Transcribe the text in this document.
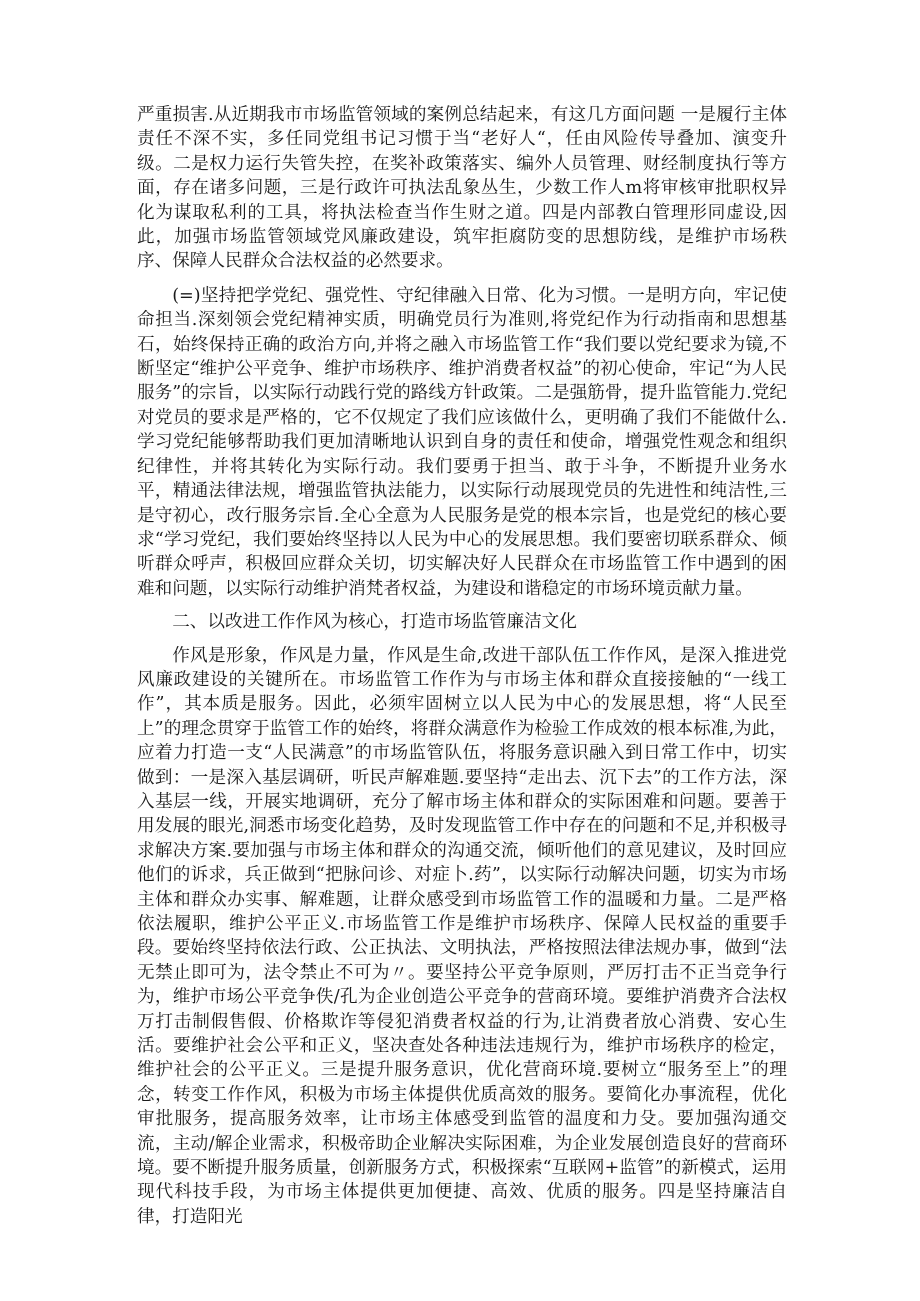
严重损害.从近期我市市场监管领域的案例总结起来，有这几方面问题 一是履行主体责任不深不实，多任同党组书记习惯于当“老好人“，任由风险传导叠加、演变升级。二是权力运行失管失控，在奖补政策落实、编外人员管理、财经制度执行等方面，存在诸多问题，三是行政许可执法乱象丛生，少数工作人m将审核审批职权异化为谋取私利的工具，将执法检查当作生财之道。四是内部教白管理形同虚设,因此，加强市场监管领域党风廉政建设，筑牢拒腐防变的思想防线，是维护市场秩序、保障人民群众合法权益的必然要求。

(=)坚持把学党纪、强党性、守纪律融入日常、化为习惯。一是明方向，牢记使命担当.深刻领会党纪精神实质，明确党员行为准则,将党纪作为行动指南和思想基石，始终保持正确的政治方向,并将之融入市场监管工作“我们要以党纪要求为镜,不断坚定“维护公平竞争、维护市场秩序、维护消费者权益”的初心使命，牢记“为人民服务”的宗旨，以实际行动践行党的路线方针政策。二是强筋骨，提升监管能力.党纪对党员的要求是严格的，它不仅规定了我们应该做什么，更明确了我们不能做什么.学习党纪能够帮助我们更加清晰地认识到自身的责任和使命，增强党性观念和组织纪律性，并将其转化为实际行动。我们要勇于担当、敢于斗争，不断提升业务水平，精通法律法规，增强监管执法能力，以实际行动展现党员的先进性和纯洁性,三是守初心，改行服务宗旨.全心全意为人民服务是党的根本宗旨，也是党纪的核心要求“学习党纪，我们要始终坚持以人民为中心的发展思想。我们要密切联系群众、倾听群众呼声，积极回应群众关切，切实解决好人民群众在市场监管工作中遇到的困难和问题，以实际行动维护消梵者权益，为建设和谐稳定的市场环境贡献力量。

二、以改进工作作风为核心，打造市场监管廉洁文化

作风是形象，作风是力量，作风是生命,改进干部队伍工作作风，是深入推进党风廉政建设的关键所在。市场监管工作作为与市场主体和群众直接接触的“一线工作”，其本质是服务。因此，必须牢固树立以人民为中心的发展思想，将“人民至上”的理念贯穿于监管工作的始终，将群众满意作为检验工作成效的根本标准,为此，应着力打造一支“人民满意”的市场监管队伍，将服务意识融入到日常工作中，切实做到：一是深入基层调研，听民声解难题.要坚持“走出去、沉下去”的工作方法，深入基层一线，开展实地调研，充分了解市场主体和群众的实际困难和问题。要善于用发展的眼光,洞悉市场变化趋势，及时发现监管工作中存在的问题和不足,并积极寻求解决方案.要加强与市场主体和群众的沟通交流，倾听他们的意见建议，及时回应他们的诉求，兵正做到“把脉问诊、对症卜.药”，以实际行动解决问题，切实为市场主体和群众办实事、解难题，让群众感受到市场监管工作的温暖和力量。二是严格依法履职，维护公平正义.市场监管工作是维护市场秩序、保障人民权益的重要手段。要始终坚持依法行政、公正执法、文明执法，严格按照法律法规办事，做到“法无禁止即可为，法令禁止不可为〃。要坚持公平竞争原则，严厉打击不正当竞争行为，维护市场公平竞争佚/孔为企业创造公平竞争的营商环境。要维护消费齐合法权万打击制假售假、价格欺诈等侵犯消费者权益的行为,让消费者放心消费、安心生活。要维护社会公平和正义，坚决查处各种违法违规行为，维护市场秩序的检定，维护社会的公平正义。三是提升服务意识，优化营商环境.要树立“服务至上”的理念，转变工作作风，积极为市场主体提供优质高效的服务。要简化办事流程，优化审批服务，提高服务效率，让市场主体感受到监管的温度和力殳。要加强沟通交流，主动/解企业需求，积极帝助企业解决实际困难，为企业发展创造良好的营商环境。要不断提升服务质量，创新服务方式，积极探索“互联网+监管”的新模式，运用现代科技手段，为市场主体提供更加便捷、高效、优质的服务。四是坚持廉洁自律，打造阳光
